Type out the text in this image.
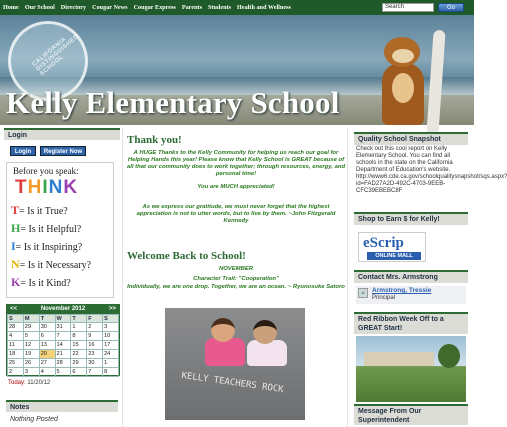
Home Our School Directory Cougar News Cougar Express Parents Students Health and Wellness	Search	Go
CALIFORNIA DISTINGUISHED SCHOOL
Kelly Elementary School
Login
Login	Register Now
Before you speak:
THINK
T= Is it True?
H= Is it Helpful?
I= Is it Inspiring?
N= Is it Necessary?
K= Is it Kind?
<<	November 2012	>>
S	M	T	W	T	F	S
28	29	30	31	1	2	3
4	5	6	7	8	9	10
11	12	13	14	15	16	17
18	19	20	21	22	23	24
25	26	27	28	29	30	1
2	3	4	5	6	7	8
Today: 11/20/12
Notes
Nothing Posted
Thank you!
A HUGE Thanks to the Kelly Community for helping us reach our goal for Helping Hands this year! Please know that Kelly School is GREAT because of all that our community does to work together; through resources, energy, and personal time!
You are MUCH appreciated!
As we express our gratitude, we must never forget that the highest appreciation is not to utter words, but to live by them. ~John Fitzgerald Kennedy
Welcome Back to School!
NOVEMBER
Character Trait: "Cooperation"
Individually, we are one drop. Together, we are an ocean. ~ Ryunosuke Satoro
KELLY TEACHERS ROCK
Quality School Snapshot
Check out this cool report on Kelly Elementary School. You can find all schools in the state on the California Department of Education's website. http://www6.cde.ca.gov/schoolqualitysnapshot/sqs.aspx?id=FAD27A2D-492C-4703-9EEB-CFC39EBEBC8F
Shop to Earn $ for Kelly!
eScrip
ONLINE MALL
Contact Mrs. Armstrong
☺ Armstrong, Tressie
Principal
Red Ribbon Week Off to a GREAT Start!
Message From Our Superintendent
